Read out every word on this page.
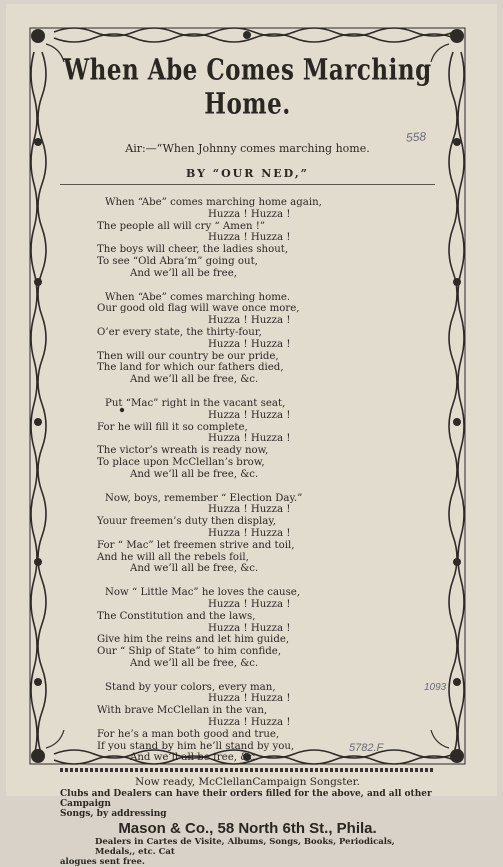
When Abe Comes Marching Home.
Air:—“When Johnny comes marching home.
BY “OUR NED,”
When “Abe” comes marching home again,
Huzza ! Huzza !
The people all will cry “ Amen !”
Huzza ! Huzza !
The boys will cheer, the ladies shout,
To see “Old Abra’m” going out,
And we’ll all be free,
When “Abe” comes marching home.
Our good old flag will wave once more,
Huzza ! Huzza !
O’er every state, the thirty-four,
Huzza ! Huzza !
Then will our country be our pride,
The land for which our fathers died,
And we’ll all be free, &c.
Put “Mac” right in the vacant seat,
Huzza ! Huzza !
For he will fill it so complete,
Huzza ! Huzza !
The victor’s wreath is ready now,
To place upon McClellan’s brow,
And we’ll all be free, &c.
Now, boys, remember “ Election Day.”
Huzza ! Huzza !
Youur freemen’s duty then display,
Huzza ! Huzza !
For “ Mac” let freemen strive and toil,
And he will all the rebels foil,
And we’ll all be free, &c.
Now “ Little Mac” he loves the cause,
Huzza ! Huzza !
The Constitution and the laws,
Huzza ! Huzza !
Give him the reins and let him guide,
Our “ Ship of State” to him confide,
And we’ll all be free, &c.
Stand by your colors, every man,
Huzza ! Huzza !
With brave McClellan in the van,
Huzza ! Huzza !
For he’s a man both good and true,
If you stand by him he’ll stand by you,
And we’ll all be free, &c.
Now ready, McClellanCampaign Songster.
Clubs and Dealers can have their orders filled for the above, and all other Campaign
Songs, by addressing
Mason & Co., 58 North 6th St., Phila.
Dealers in Cartes de Visite, Albums, Songs, Books, Periodicals, Medals,, etc. Cat
alogues sent free.
558
1093
5782.F
